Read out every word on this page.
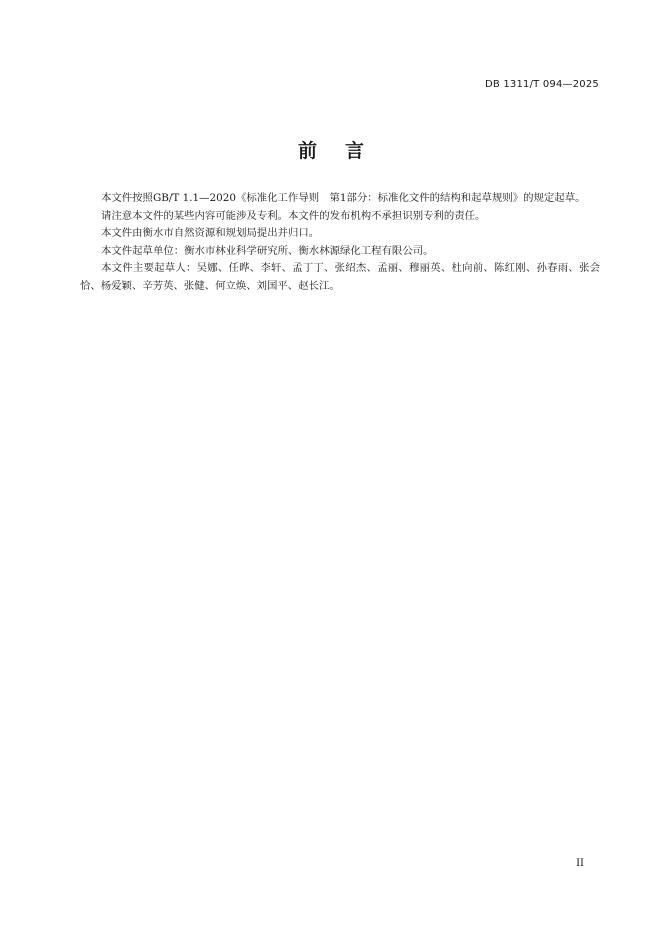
DB 1311/T 094—2025
前 言

本文件按照GB/T 1.1—2020《标准化工作导则　第1部分：标准化文件的结构和起草规则》的规定起草。

请注意本文件的某些内容可能涉及专利。本文件的发布机构不承担识别专利的责任。

本文件由衡水市自然资源和规划局提出并归口。

本文件起草单位：衡水市林业科学研究所、衡水林源绿化工程有限公司。

本文件主要起草人：吴娜、任晔、李轩、孟丁丁、张绍杰、孟丽、穆丽英、杜向前、陈红刚、孙春雨、张会恰、杨爱颖、辛芳英、张健、何立焕、刘国平、赵长江。

II
